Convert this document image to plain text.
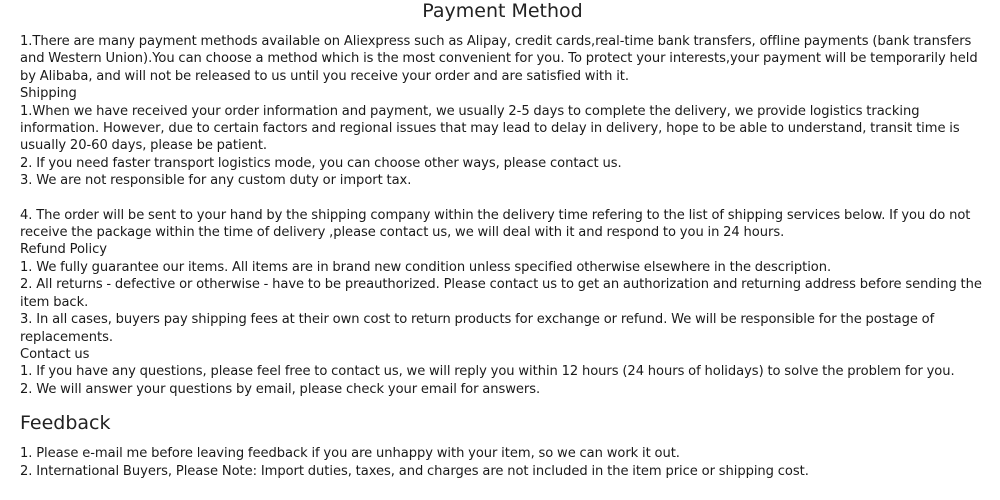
Payment Method

1.There are many payment methods available on Aliexpress such as Alipay, credit cards,real-time bank transfers, offline payments (bank transfers and Western Union).You can choose a method which is the most convenient for you. To protect your interests,your payment will be temporarily held by Alibaba, and will not be released to us until you receive your order and are satisfied with it.

Shipping

1.When we have received your order information and payment, we usually 2-5 days to complete the delivery, we provide logistics tracking information. However, due to certain factors and regional issues that may lead to delay in delivery, hope to be able to understand, transit time is usually 20-60 days, please be patient.

2. If you need faster transport logistics mode, you can choose other ways, please contact us.

3. We are not responsible for any custom duty or import tax.

4. The order will be sent to your hand by the shipping company within the delivery time refering to the list of shipping services below. If you do not receive the package within the time of delivery ,please contact us, we will deal with it and respond to you in 24 hours.

Refund Policy

1. We fully guarantee our items. All items are in brand new condition unless specified otherwise elsewhere in the description.

2. All returns - defective or otherwise - have to be preauthorized. Please contact us to get an authorization and returning address before sending the item back.

3. In all cases, buyers pay shipping fees at their own cost to return products for exchange or refund. We will be responsible for the postage of replacements.

Contact us

1. If you have any questions, please feel free to contact us, we will reply you within 12 hours (24 hours of holidays) to solve the problem for you.

2. We will answer your questions by email, please check your email for answers.

Feedback

1. Please e-mail me before leaving feedback if you are unhappy with your item, so we can work it out.

2. International Buyers, Please Note: Import duties, taxes, and charges are not included in the item price or shipping cost.
